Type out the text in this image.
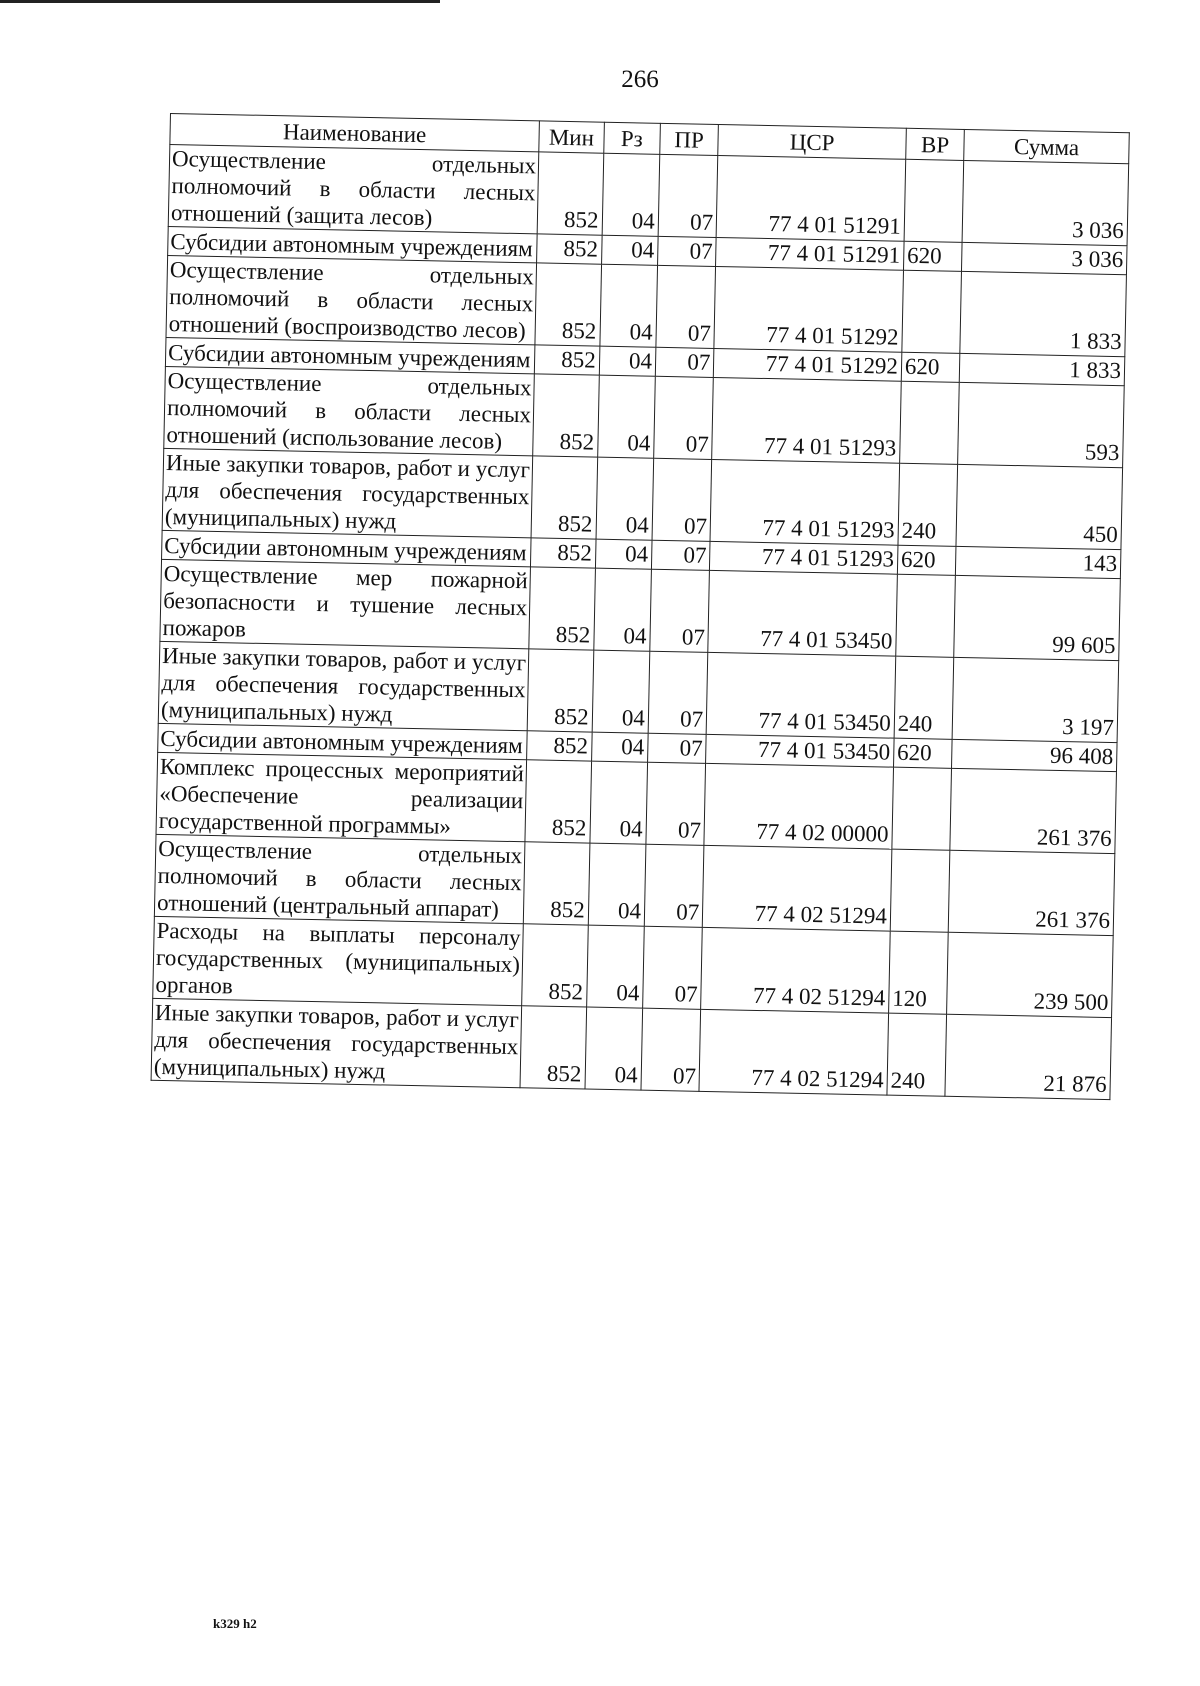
266
Наименование	Мин	Рз	ПР	ЦСР	ВР	Сумма
Осуществление отдельных полномочий в области лесных отношений (защита лесов)	852	04	07	77 4 01 51291		3 036
Субсидии автономным учреждениям	852	04	07	77 4 01 51291	620	3 036
Осуществление отдельных полномочий в области лесных отношений (воспроизводство лесов)	852	04	07	77 4 01 51292		1 833
Субсидии автономным учреждениям	852	04	07	77 4 01 51292	620	1 833
Осуществление отдельных полномочий в области лесных отношений (использование лесов)	852	04	07	77 4 01 51293		593
Иные закупки товаров, работ и услуг для обеспечения государственных (муниципальных) нужд	852	04	07	77 4 01 51293	240	450
Субсидии автономным учреждениям	852	04	07	77 4 01 51293	620	143
Осуществление мер пожарной безопасности и тушение лесных пожаров	852	04	07	77 4 01 53450		99 605
Иные закупки товаров, работ и услуг для обеспечения государственных (муниципальных) нужд	852	04	07	77 4 01 53450	240	3 197
Субсидии автономным учреждениям	852	04	07	77 4 01 53450	620	96 408
Комплекс процессных мероприятий «Обеспечение реализации государственной программы»	852	04	07	77 4 02 00000		261 376
Осуществление отдельных полномочий в области лесных отношений (центральный аппарат)	852	04	07	77 4 02 51294		261 376
Расходы на выплаты персоналу государственных (муниципальных) органов	852	04	07	77 4 02 51294	120	239 500
Иные закупки товаров, работ и услуг для обеспечения государственных (муниципальных) нужд	852	04	07	77 4 02 51294	240	21 876
k329 h2
